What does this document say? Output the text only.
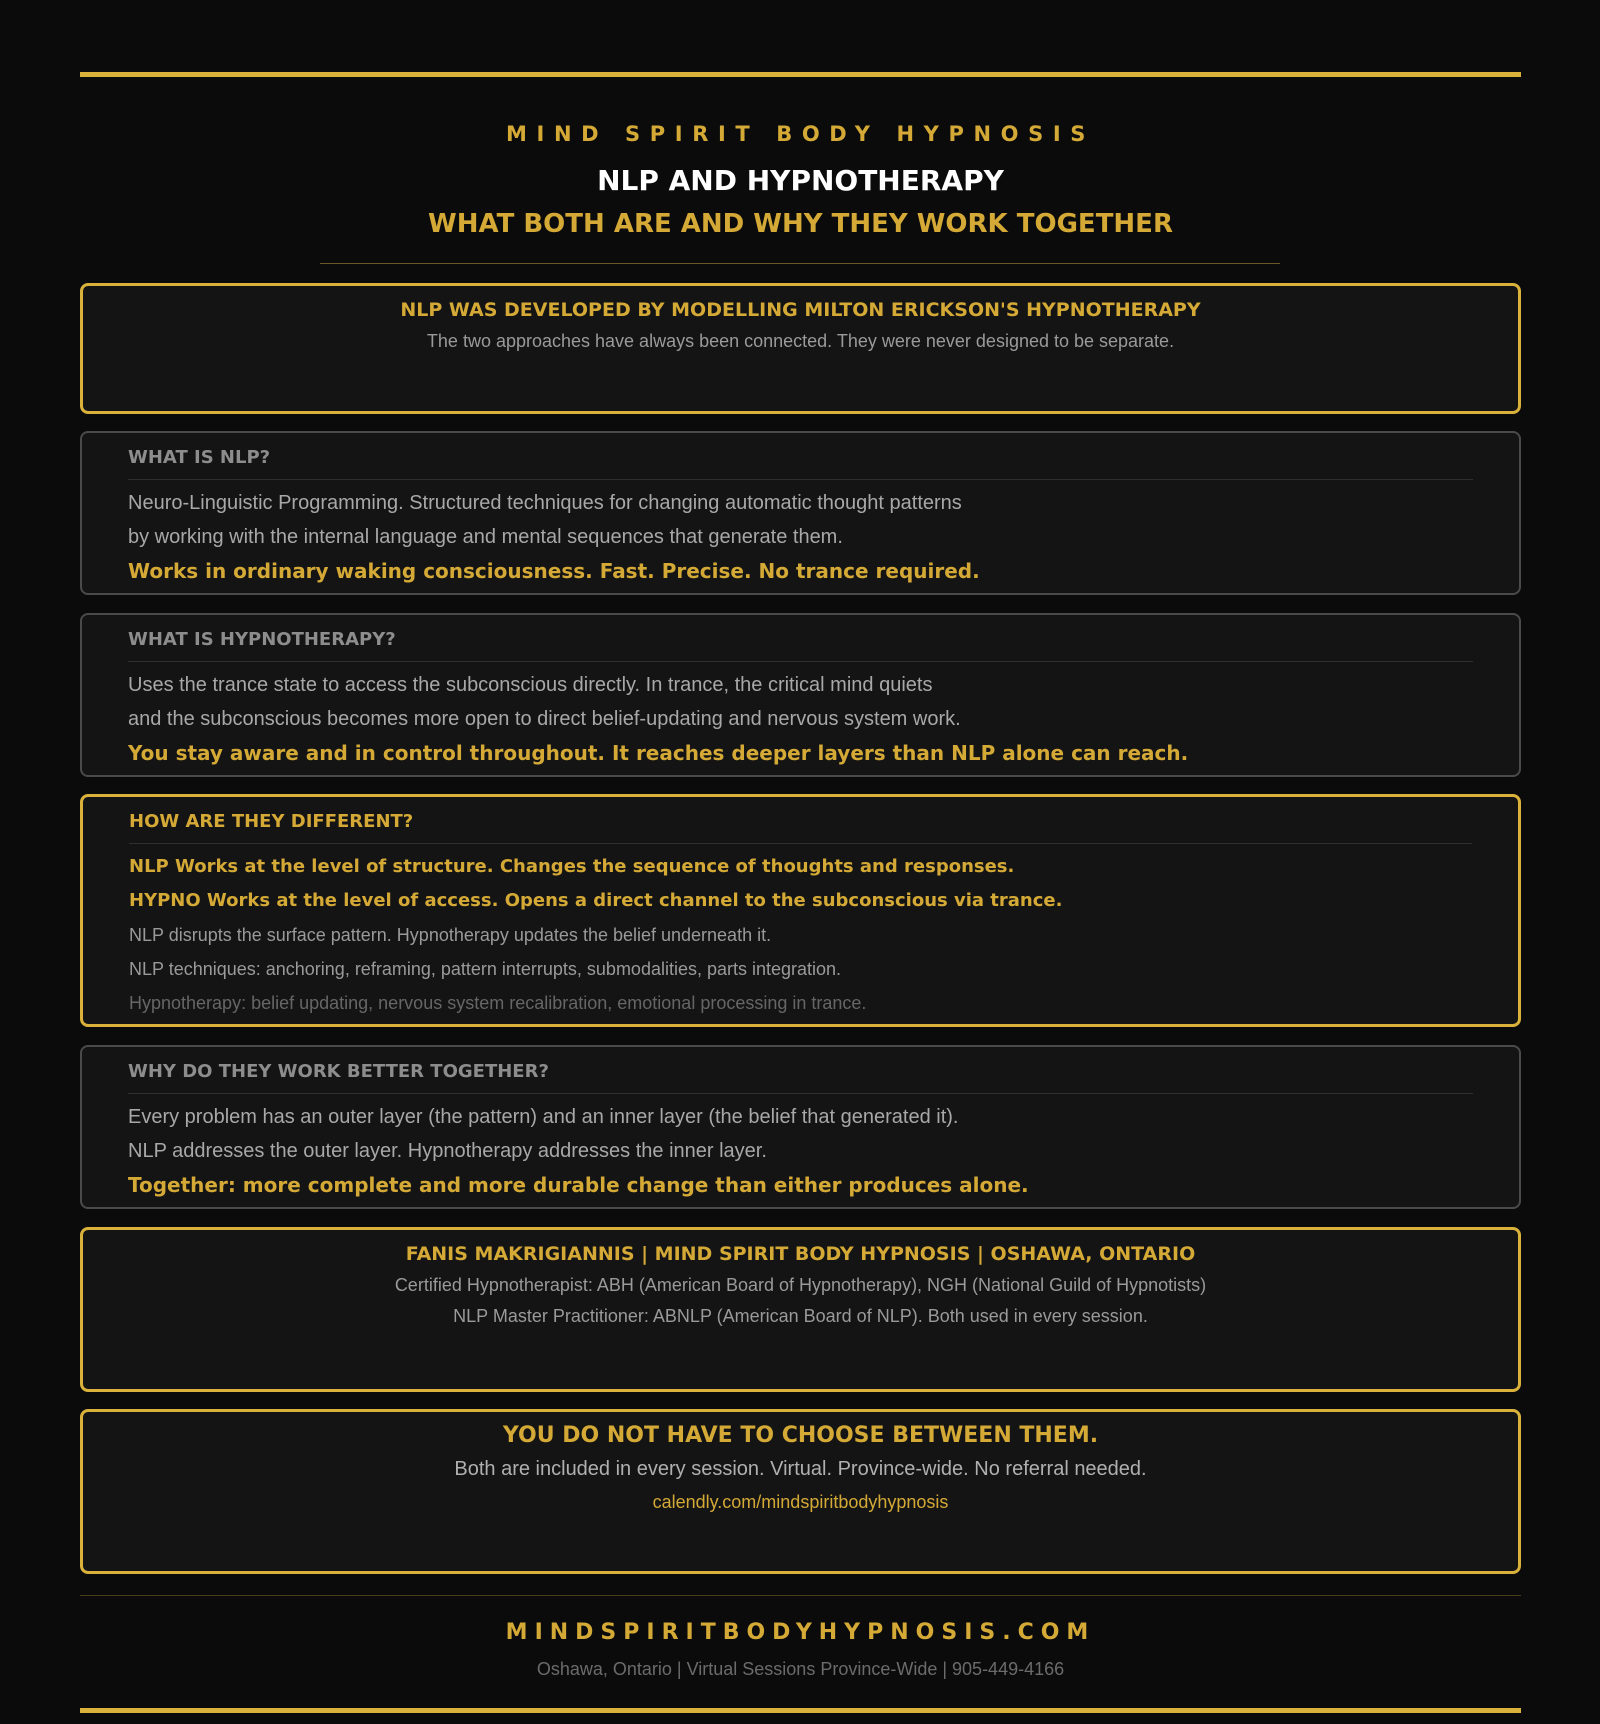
MIND SPIRIT BODY HYPNOSIS
NLP AND HYPNOTHERAPY
WHAT BOTH ARE AND WHY THEY WORK TOGETHER
NLP WAS DEVELOPED BY MODELLING MILTON ERICKSON'S HYPNOTHERAPY
The two approaches have always been connected. They were never designed to be separate.
WHAT IS NLP?
Neuro-Linguistic Programming. Structured techniques for changing automatic thought patterns
by working with the internal language and mental sequences that generate them.
Works in ordinary waking consciousness. Fast. Precise. No trance required.
WHAT IS HYPNOTHERAPY?
Uses the trance state to access the subconscious directly. In trance, the critical mind quiets
and the subconscious becomes more open to direct belief-updating and nervous system work.
You stay aware and in control throughout. It reaches deeper layers than NLP alone can reach.
HOW ARE THEY DIFFERENT?
NLP Works at the level of structure. Changes the sequence of thoughts and responses.
HYPNO Works at the level of access. Opens a direct channel to the subconscious via trance.
NLP disrupts the surface pattern. Hypnotherapy updates the belief underneath it.
NLP techniques: anchoring, reframing, pattern interrupts, submodalities, parts integration.
Hypnotherapy: belief updating, nervous system recalibration, emotional processing in trance.
WHY DO THEY WORK BETTER TOGETHER?
Every problem has an outer layer (the pattern) and an inner layer (the belief that generated it).
NLP addresses the outer layer. Hypnotherapy addresses the inner layer.
Together: more complete and more durable change than either produces alone.
FANIS MAKRIGIANNIS | MIND SPIRIT BODY HYPNOSIS | OSHAWA, ONTARIO
Certified Hypnotherapist: ABH (American Board of Hypnotherapy), NGH (National Guild of Hypnotists)
NLP Master Practitioner: ABNLP (American Board of NLP). Both used in every session.
YOU DO NOT HAVE TO CHOOSE BETWEEN THEM.
Both are included in every session. Virtual. Province-wide. No referral needed.
calendly.com/mindspiritbodyhypnosis
MINDSPIRITBODYHYPNOSIS.COM
Oshawa, Ontario | Virtual Sessions Province-Wide | 905-449-4166
